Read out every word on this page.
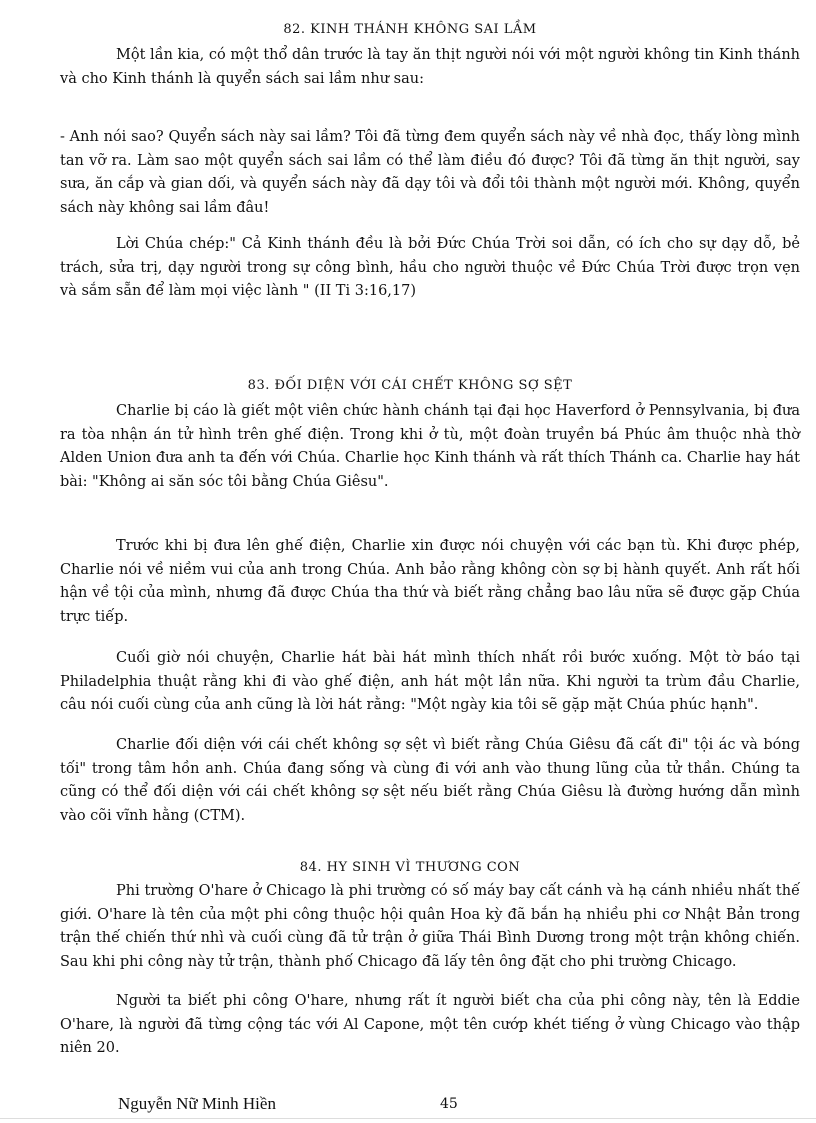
82. KINH THÁNH KHÔNG SAI LẦM

Một lần kia, có một thổ dân trước là tay ăn thịt người nói với một người không tin Kinh thánh và cho Kinh thánh là quyển sách sai lầm như sau:

- Anh nói sao? Quyển sách này sai lầm? Tôi đã từng đem quyển sách này về nhà đọc, thấy lòng mình tan vỡ ra. Làm sao một quyển sách sai lầm có thể làm điều đó được? Tôi đã từng ăn thịt người, say sưa, ăn cắp và gian dối, và quyển sách này đã dạy tôi và đổi tôi thành một người mới. Không, quyển sách này không sai lầm đâu!

Lời Chúa chép:" Cả Kinh thánh đều là bởi Đức Chúa Trời soi dẫn, có ích cho sự dạy dỗ, bẻ trách, sửa trị, dạy người trong sự công bình, hầu cho người thuộc về Đức Chúa Trời được trọn vẹn và sắm sẵn để làm mọi việc lành " (II Ti 3:16,17)

83. ĐỐI DIỆN VỚI CÁI CHẾT KHÔNG SỢ SỆT

Charlie bị cáo là giết một viên chức hành chánh tại đại học Haverford ở Pennsylvania, bị đưa ra tòa nhận án tử hình trên ghế điện. Trong khi ở tù, một đoàn truyền bá Phúc âm thuộc nhà thờ Alden Union đưa anh ta đến với Chúa. Charlie học Kinh thánh và rất thích Thánh ca. Charlie hay hát bài: "Không ai săn sóc tôi bằng Chúa Giêsu".

Trước khi bị đưa lên ghế điện, Charlie xin được nói chuyện với các bạn tù. Khi được phép, Charlie nói về niềm vui của anh trong Chúa. Anh bảo rằng không còn sợ bị hành quyết. Anh rất hối hận về tội của mình, nhưng đã được Chúa tha thứ và biết rằng chẳng bao lâu nữa sẽ được gặp Chúa trực tiếp.

Cuối giờ nói chuyện, Charlie hát bài hát mình thích nhất rồi bước xuống. Một tờ báo tại Philadelphia thuật rằng khi đi vào ghế điện, anh hát một lần nữa. Khi người ta trùm đầu Charlie, câu nói cuối cùng của anh cũng là lời hát rằng: "Một ngày kia tôi sẽ gặp mặt Chúa phúc hạnh".

Charlie đối diện với cái chết không sợ sệt vì biết rằng Chúa Giêsu đã cất đi" tội ác và bóng tối" trong tâm hồn anh. Chúa đang sống và cùng đi với anh vào thung lũng của tử thần. Chúng ta cũng có thể đối diện với cái chết không sợ sệt nếu biết rằng Chúa Giêsu là đường hướng dẫn mình vào cõi vĩnh hằng (CTM).

84. HY SINH VÌ THƯƠNG CON

Phi trường O'hare ở Chicago là phi trường có số máy bay cất cánh và hạ cánh nhiều nhất thế giới. O'hare là tên của một phi công thuộc hội quân Hoa kỳ đã bắn hạ nhiều phi cơ Nhật Bản trong trận thế chiến thứ nhì và cuối cùng đã tử trận ở giữa Thái Bình Dương trong một trận không chiến. Sau khi phi công này tử trận, thành phố Chicago đã lấy tên ông đặt cho phi trường Chicago.

Người ta biết phi công O'hare, nhưng rất ít người biết cha của phi công này, tên là Eddie O'hare, là người đã từng cộng tác với Al Capone, một tên cướp khét tiếng ở vùng Chicago vào thập niên 20.

Nguyễn Nữ Minh Hiền	45
